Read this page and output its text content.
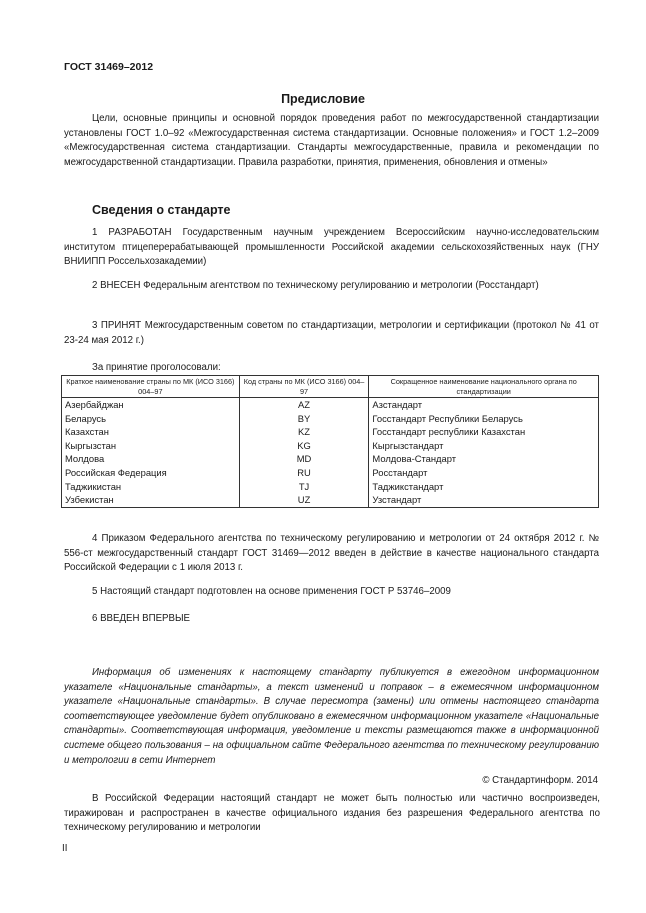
ГОСТ 31469–2012
Предисловие

Цели, основные принципы и основной порядок проведения работ по межгосударственной стандартизации установлены ГОСТ 1.0–92 «Межгосударственная система стандартизации. Основные положения» и ГОСТ 1.2–2009 «Межгосударственная система стандартизации. Стандарты межгосударственные, правила и рекомендации по межгосударственной стандартизации. Правила разработки, принятия, применения, обновления и отмены»

Сведения о стандарте

1 РАЗРАБОТАН Государственным научным учреждением Всероссийским научно-исследовательским институтом птицеперерабатывающей промышленности Российской академии сельскохозяйственных наук (ГНУ ВНИИПП Россельхозакадемии)

2 ВНЕСЕН Федеральным агентством по техническому регулированию и метрологии (Росстандарт)

3 ПРИНЯТ Межгосударственным советом по стандартизации, метрологии и сертификации (протокол № 41 от 23-24 мая 2012 г.)

За принятие проголосовали:
Краткое наименование страны по МК (ИСО 3166) 004–97	Код страны по МК (ИСО 3166) 004–97	Сокращенное наименование национального органа по стандартизации
Азербайджан	AZ	Азстандарт
Беларусь	BY	Госстандарт Республики Беларусь
Казахстан	KZ	Госстандарт республики Казахстан
Кыргызстан	KG	Кыргызстандарт
Молдова	MD	Молдова-Стандарт
Российская Федерация	RU	Росстандарт
Таджикистан	TJ	Таджикстандарт
Узбекистан	UZ	Узстандарт

4 Приказом Федерального агентства по техническому регулированию и метрологии от 24 октября 2012 г. № 556-ст межгосударственный стандарт ГОСТ 31469—2012 введен в действие в качестве национального стандарта Российской Федерации с 1 июля 2013 г.

5 Настоящий стандарт подготовлен на основе применения ГОСТ Р 53746–2009

6 ВВЕДЕН ВПЕРВЫЕ

Информация об изменениях к настоящему стандарту публикуется в ежегодном информационном указателе «Национальные стандарты», а текст изменений и поправок – в ежемесячном информационном указателе «Национальные стандарты». В случае пересмотра (замены) или отмены настоящего стандарта соответствующее уведомление будет опубликовано в ежемесячном информационном указателе «Национальные стандарты». Соответствующая информация, уведомление и тексты размещаются также в информационной системе общего пользования – на официальном сайте Федерального агентства по техническому регулированию и метрологии в сети Интернет

© Стандартинформ. 2014

В Российской Федерации настоящий стандарт не может быть полностью или частично воспроизведен, тиражирован и распространен в качестве официального издания без разрешения Федерального агентства по техническому регулированию и метрологии

II
